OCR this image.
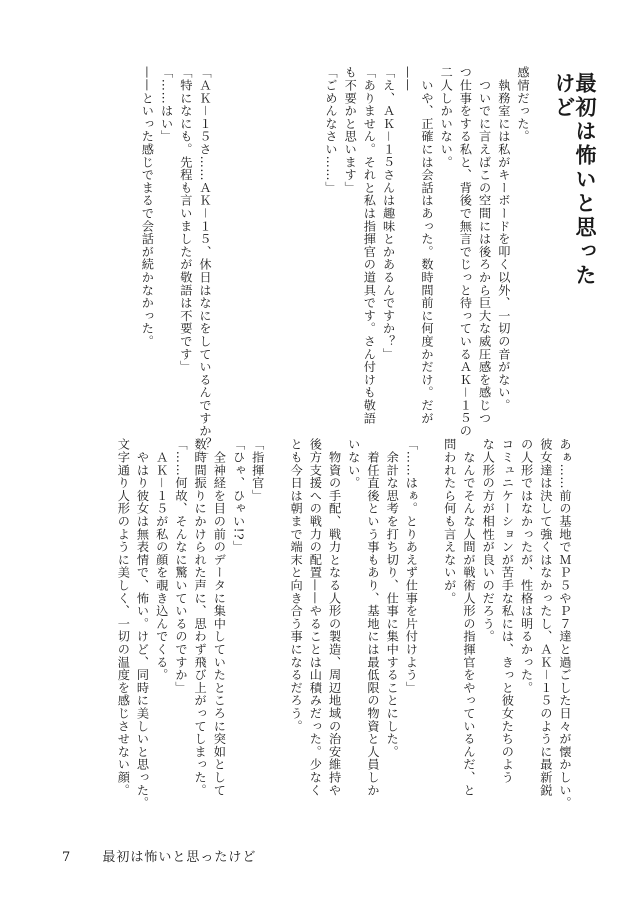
最初は怖いと思ったけど
感情だった。
　執務室には私がキーボードを叩く以外、一切の音がない。
　ついでに言えばこの空間には後ろから巨大な威圧感を感じつ
つ仕事をする私と、背後で無言でじっと待っているＡＫ－１５の
二人しかいない。
　いや、正確には会話はあった。数時間前に何度かだけ。だが
——
「え、ＡＫ－１５さんは趣味とかあるんですか？」
「ありません。それと私は指揮官の道具です。さん付けも敬語
も不要かと思います」
「ごめんなさい……」
「ＡＫ－１５さ……ＡＫ－１５、休日はなにをしているんですか？」
「特になにも。先程も言いましたが敬語は不要です」
「……はい」
——といった感じでまるで会話が続かなかった。
あぁ……前の基地でＭＰ５やＰ７達と過ごした日々が懐かしい。
彼女達は決して強くはなかったし、ＡＫ－１５のように最新鋭
の人形ではなかったが、性格は明るかった。
コミュニケーションが苦手な私には、きっと彼女たちのよう
な人形の方が相性が良いのだろう。
　なんでそんな人間が戦術人形の指揮官をやっているんだ、と
問われたら何も言えないが。

「……はぁ。とりあえず仕事を片付けよう」
　余計な思考を打ち切り、仕事に集中することにした。
　着任直後という事もあり、基地には最低限の物資と人員しか
いない。
　物資の手配、戦力となる人形の製造、周辺地域の治安維持や
後方支援への戦力の配置——やることは山積みだった。少なく
とも今日は朝まで端末と向き合う事になるだろう。

「指揮官」
「ひゃ、ひゃい!?」
　全神経を目の前のデータに集中していたところに突如として
数時間振りにかけられた声に、思わず飛び上がってしまった。
「……何故、そんなに驚いているのですか」
　ＡＫ－１５が私の顔を覗き込んでくる。
　やはり彼女は無表情で、怖い。けど、同時に美しいと思った。
文字通り人形のように美しく、一切の温度を感じさせない顔。
7 最初は怖いと思ったけど
